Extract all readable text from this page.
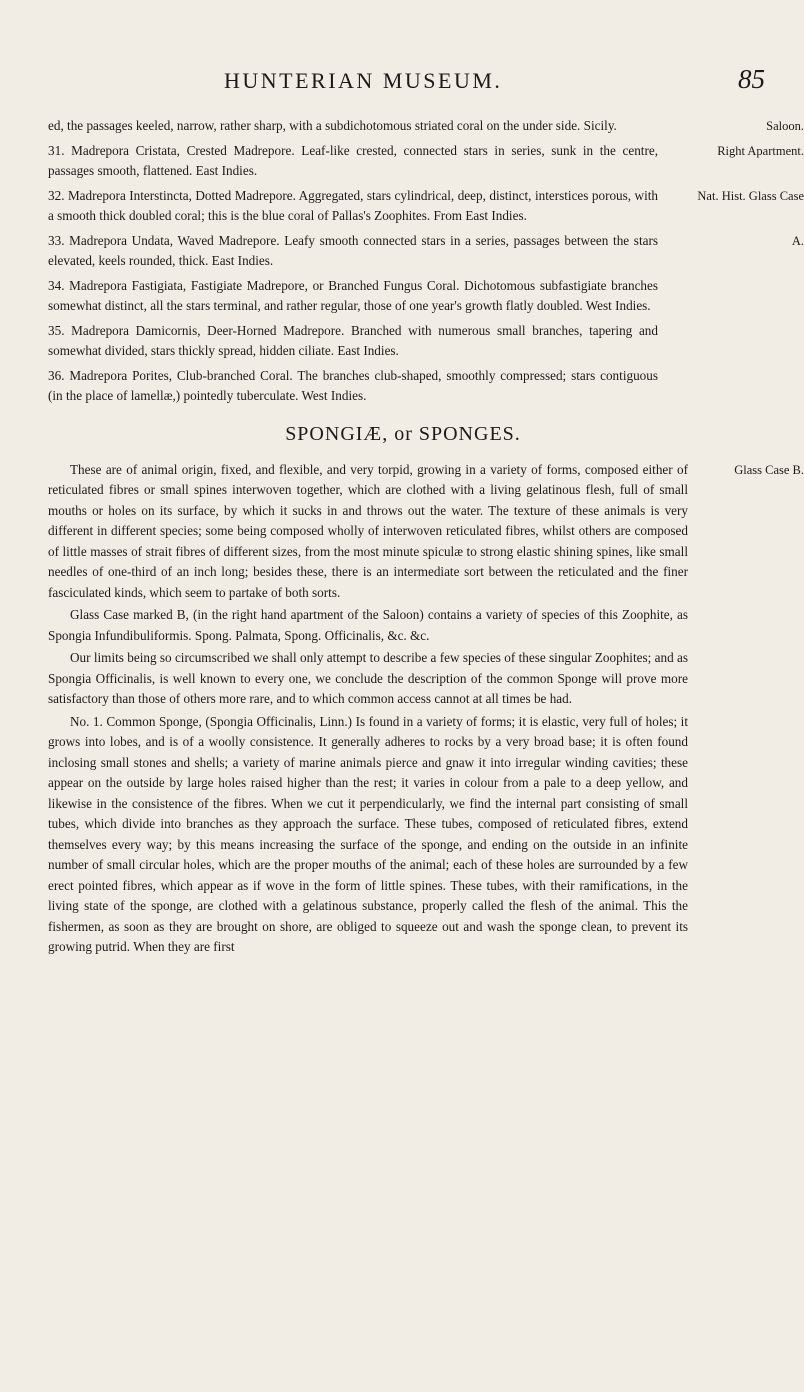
HUNTERIAN MUSEUM.	85
ed, the passages keeled, narrow, rather sharp, with a subdichotomous striated coral on the under side. Sicily.	Saloon.
31. Madrepora Cristata, Crested Madrepore. Leaf-like crested, connected stars in series, sunk in the centre, passages smooth, flattened. East Indies.
Right Apartment.
32. Madrepora Interstincta, Dotted Madrepore. Aggregated, stars cylindrical, deep, distinct, interstices porous, with a smooth thick doubled coral; this is the blue coral of Pallas's Zoophites. From East Indies.
Nat. Hist. Glass Case
33. Madrepora Undata, Waved Madrepore. Leafy smooth connected stars in a series, passages between the stars elevated, keels rounded, thick. East Indies.
A.
34. Madrepora Fastigiata, Fastigiate Madrepore, or Branched Fungus Coral. Dichotomous subfastigiate branches somewhat distinct, all the stars terminal, and rather regular, those of one year's growth flatly doubled. West Indies.
35. Madrepora Damicornis, Deer-Horned Madrepore. Branched with numerous small branches, tapering and somewhat divided, stars thickly spread, hidden ciliate. East Indies.
36. Madrepora Porites, Club-branched Coral. The branches club-shaped, smoothly compressed; stars contiguous (in the place of lamellæ,) pointedly tuberculate. West Indies.
SPONGIÆ, or SPONGES.

These are of animal origin, fixed, and flexible, and very torpid, growing in a variety of forms, composed either of reticulated fibres or small spines interwoven together, which are clothed with a living gelatinous flesh, full of small mouths or holes on its surface, by which it sucks in and throws out the water. The texture of these animals is very different in different species; some being composed wholly of interwoven reticulated fibres, whilst others are composed of little masses of strait fibres of different sizes, from the most minute spiculæ to strong elastic shining spines, like small needles of one-third of an inch long; besides these, there is an intermediate sort between the reticulated and the finer fasciculated kinds, which seem to partake of both sorts.
Glass Case B.

Glass Case marked B, (in the right hand apartment of the Saloon) contains a variety of species of this Zoophite, as Spongia Infundibuliformis. Spong. Palmata, Spong. Officinalis, &c. &c.

Our limits being so circumscribed we shall only attempt to describe a few species of these singular Zoophites; and as Spongia Officinalis, is well known to every one, we conclude the description of the common Sponge will prove more satisfactory than those of others more rare, and to which common access cannot at all times be had.

No. 1. Common Sponge, (Spongia Officinalis, Linn.) Is found in a variety of forms; it is elastic, very full of holes; it grows into lobes, and is of a woolly consistence. It generally adheres to rocks by a very broad base; it is often found inclosing small stones and shells; a variety of marine animals pierce and gnaw it into irregular winding cavities; these appear on the outside by large holes raised higher than the rest; it varies in colour from a pale to a deep yellow, and likewise in the consistence of the fibres. When we cut it perpendicularly, we find the internal part consisting of small tubes, which divide into branches as they approach the surface. These tubes, composed of reticulated fibres, extend themselves every way; by this means increasing the surface of the sponge, and ending on the outside in an infinite number of small circular holes, which are the proper mouths of the animal; each of these holes are surrounded by a few erect pointed fibres, which appear as if wove in the form of little spines. These tubes, with their ramifications, in the living state of the sponge, are clothed with a gelatinous substance, properly called the flesh of the animal. This the fishermen, as soon as they are brought on shore, are obliged to squeeze out and wash the sponge clean, to prevent its growing putrid. When they are first
